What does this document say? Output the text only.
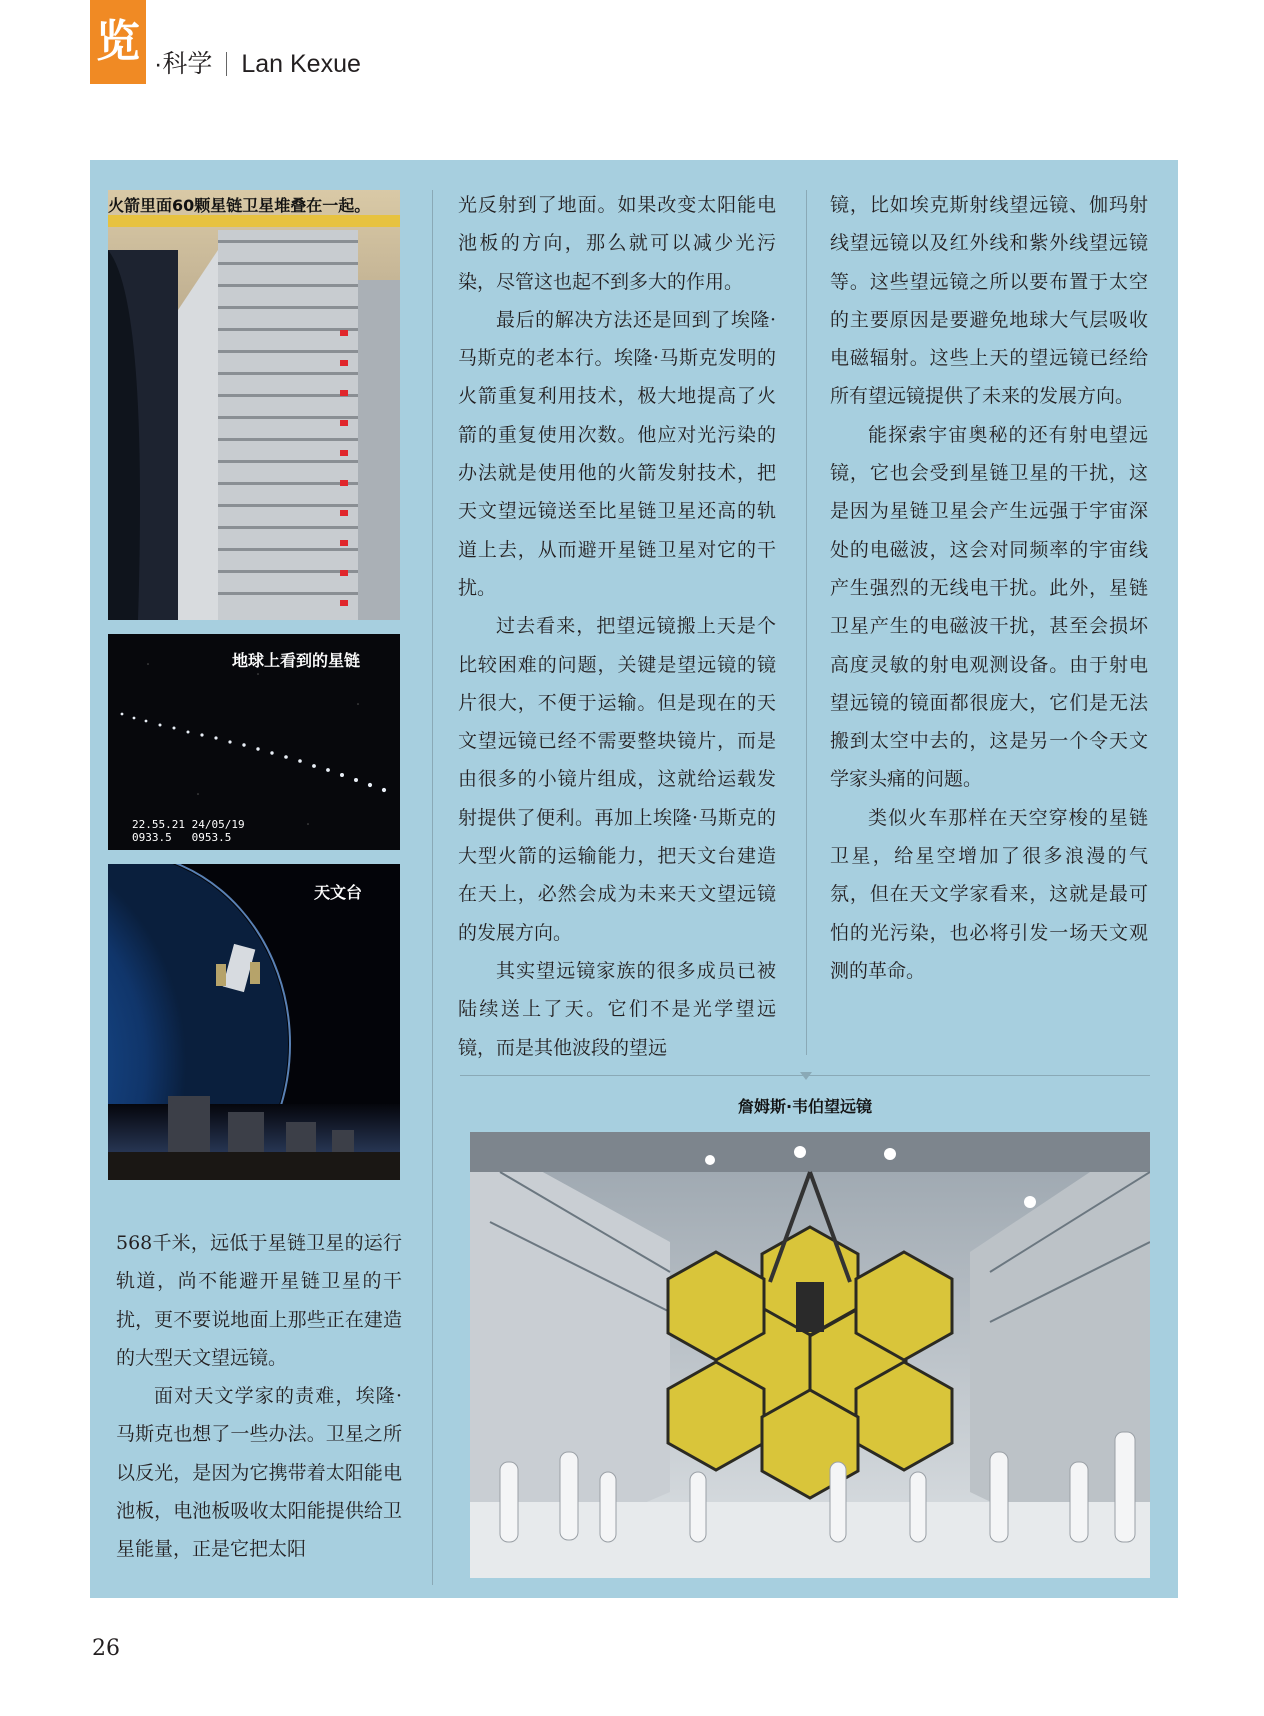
览 ·科学 Lan Kexue
火箭里面60颗星链卫星堆叠在一起。
地球上看到的星链
22.55.21 24/05/19
0933.5   0953.5
天文台

568千米，远低于星链卫星的运行轨道，尚不能避开星链卫星的干扰，更不要说地面上那些正在建造的大型天文望远镜。

面对天文学家的责难，埃隆·马斯克也想了一些办法。卫星之所以反光，是因为它携带着太阳能电池板，电池板吸收太阳能提供给卫星能量，正是它把太阳

光反射到了地面。如果改变太阳能电池板的方向，那么就可以减少光污染，尽管这也起不到多大的作用。

最后的解决方法还是回到了埃隆·马斯克的老本行。埃隆·马斯克发明的火箭重复利用技术，极大地提高了火箭的重复使用次数。他应对光污染的办法就是使用他的火箭发射技术，把天文望远镜送至比星链卫星还高的轨道上去，从而避开星链卫星对它的干扰。

过去看来，把望远镜搬上天是个比较困难的问题，关键是望远镜的镜片很大，不便于运输。但是现在的天文望远镜已经不需要整块镜片，而是由很多的小镜片组成，这就给运载发射提供了便利。再加上埃隆·马斯克的大型火箭的运输能力，把天文台建造在天上，必然会成为未来天文望远镜的发展方向。

其实望远镜家族的很多成员已被陆续送上了天。它们不是光学望远镜，而是其他波段的望远

镜，比如埃克斯射线望远镜、伽玛射线望远镜以及红外线和紫外线望远镜等。这些望远镜之所以要布置于太空的主要原因是要避免地球大气层吸收电磁辐射。这些上天的望远镜已经给所有望远镜提供了未来的发展方向。

能探索宇宙奥秘的还有射电望远镜，它也会受到星链卫星的干扰，这是因为星链卫星会产生远强于宇宙深处的电磁波，这会对同频率的宇宙线产生强烈的无线电干扰。此外，星链卫星产生的电磁波干扰，甚至会损坏高度灵敏的射电观测设备。由于射电望远镜的镜面都很庞大，它们是无法搬到太空中去的，这是另一个令天文学家头痛的问题。

类似火车那样在天空穿梭的星链卫星，给星空增加了很多浪漫的气氛，但在天文学家看来，这就是最可怕的光污染，也必将引发一场天文观测的革命。

詹姆斯·韦伯望远镜
26
